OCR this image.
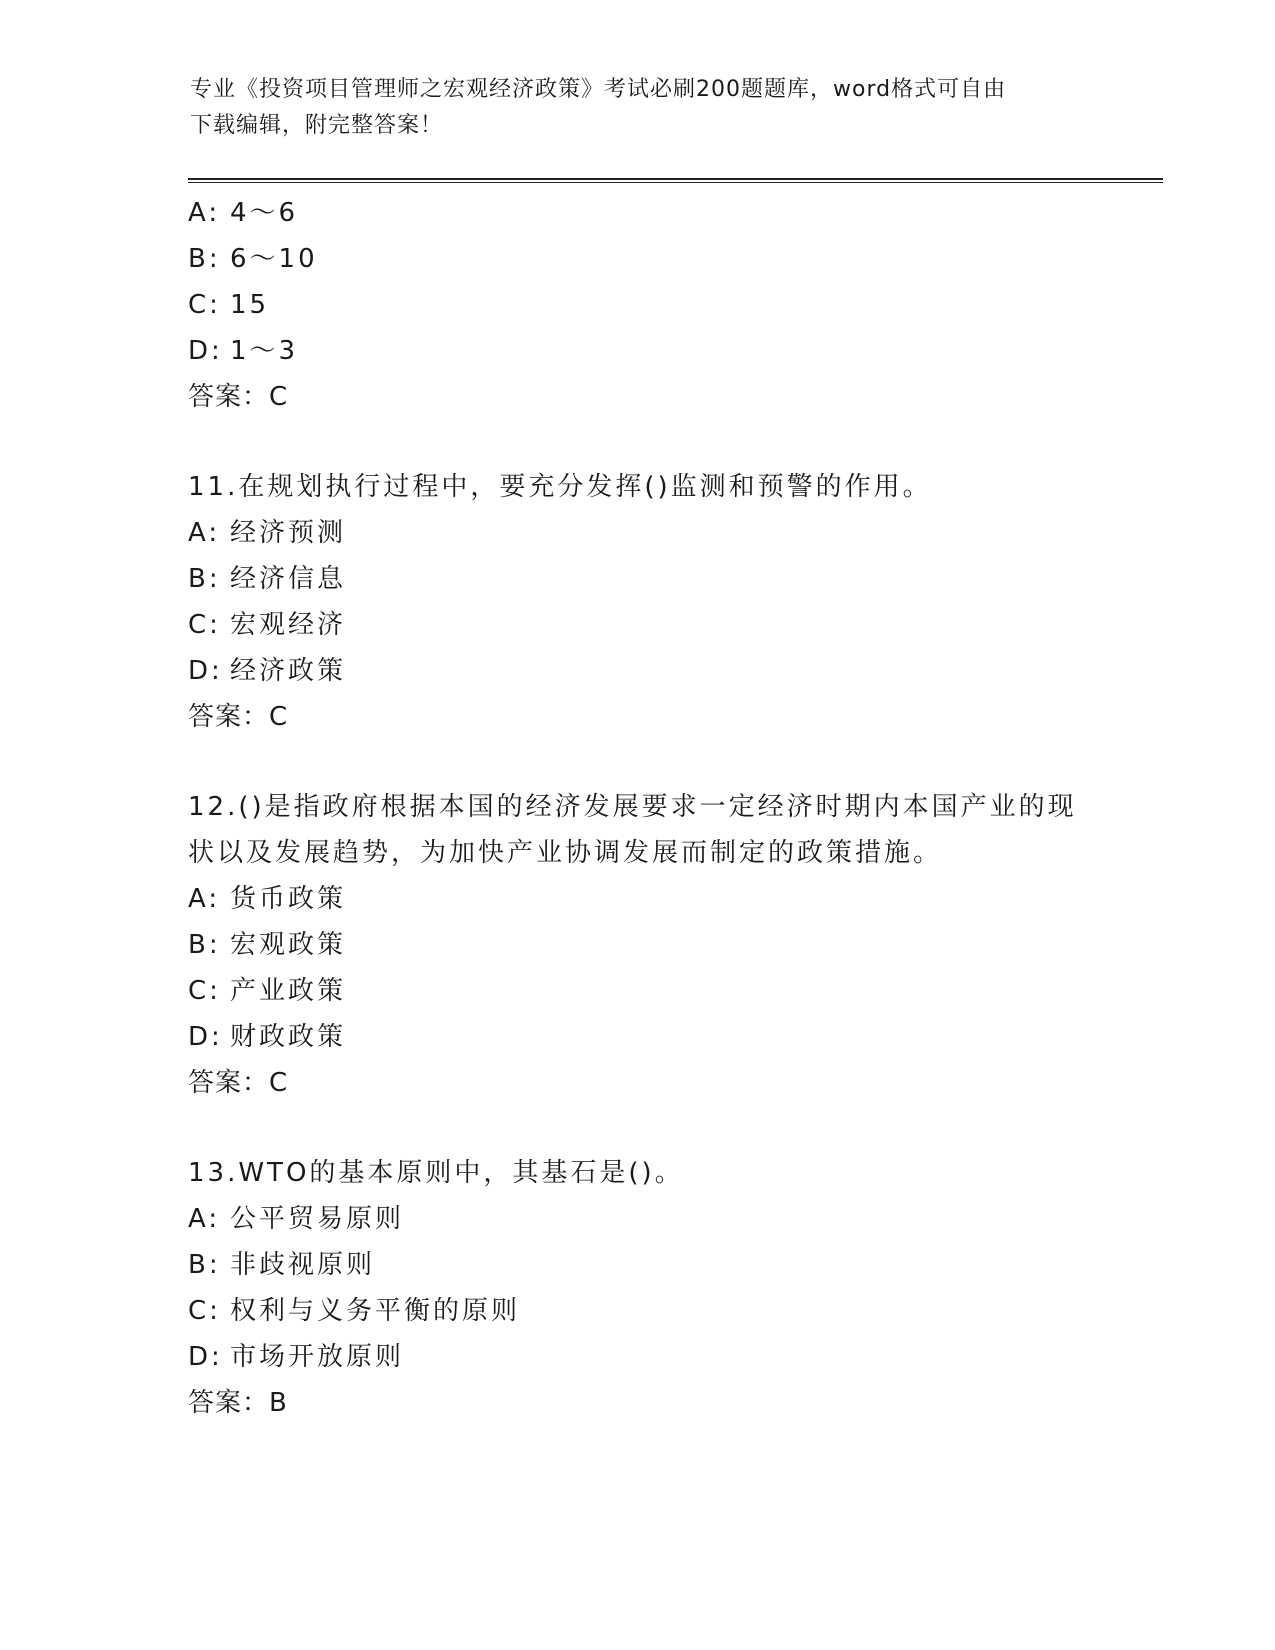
专业《投资项目管理师之宏观经济政策》考试必刷200题题库，word格式可自由
下载编辑，附完整答案！
A: 4～6
B: 6～10
C: 15
D: 1～3
答案：C
11.在规划执行过程中，要充分发挥()监测和预警的作用。
A: 经济预测
B: 经济信息
C: 宏观经济
D: 经济政策
答案：C
12.()是指政府根据本国的经济发展要求一定经济时期内本国产业的现
状以及发展趋势，为加快产业协调发展而制定的政策措施。
A: 货币政策
B: 宏观政策
C: 产业政策
D: 财政政策
答案：C
13.WTO的基本原则中，其基石是()。
A: 公平贸易原则
B: 非歧视原则
C: 权利与义务平衡的原则
D: 市场开放原则
答案：B
